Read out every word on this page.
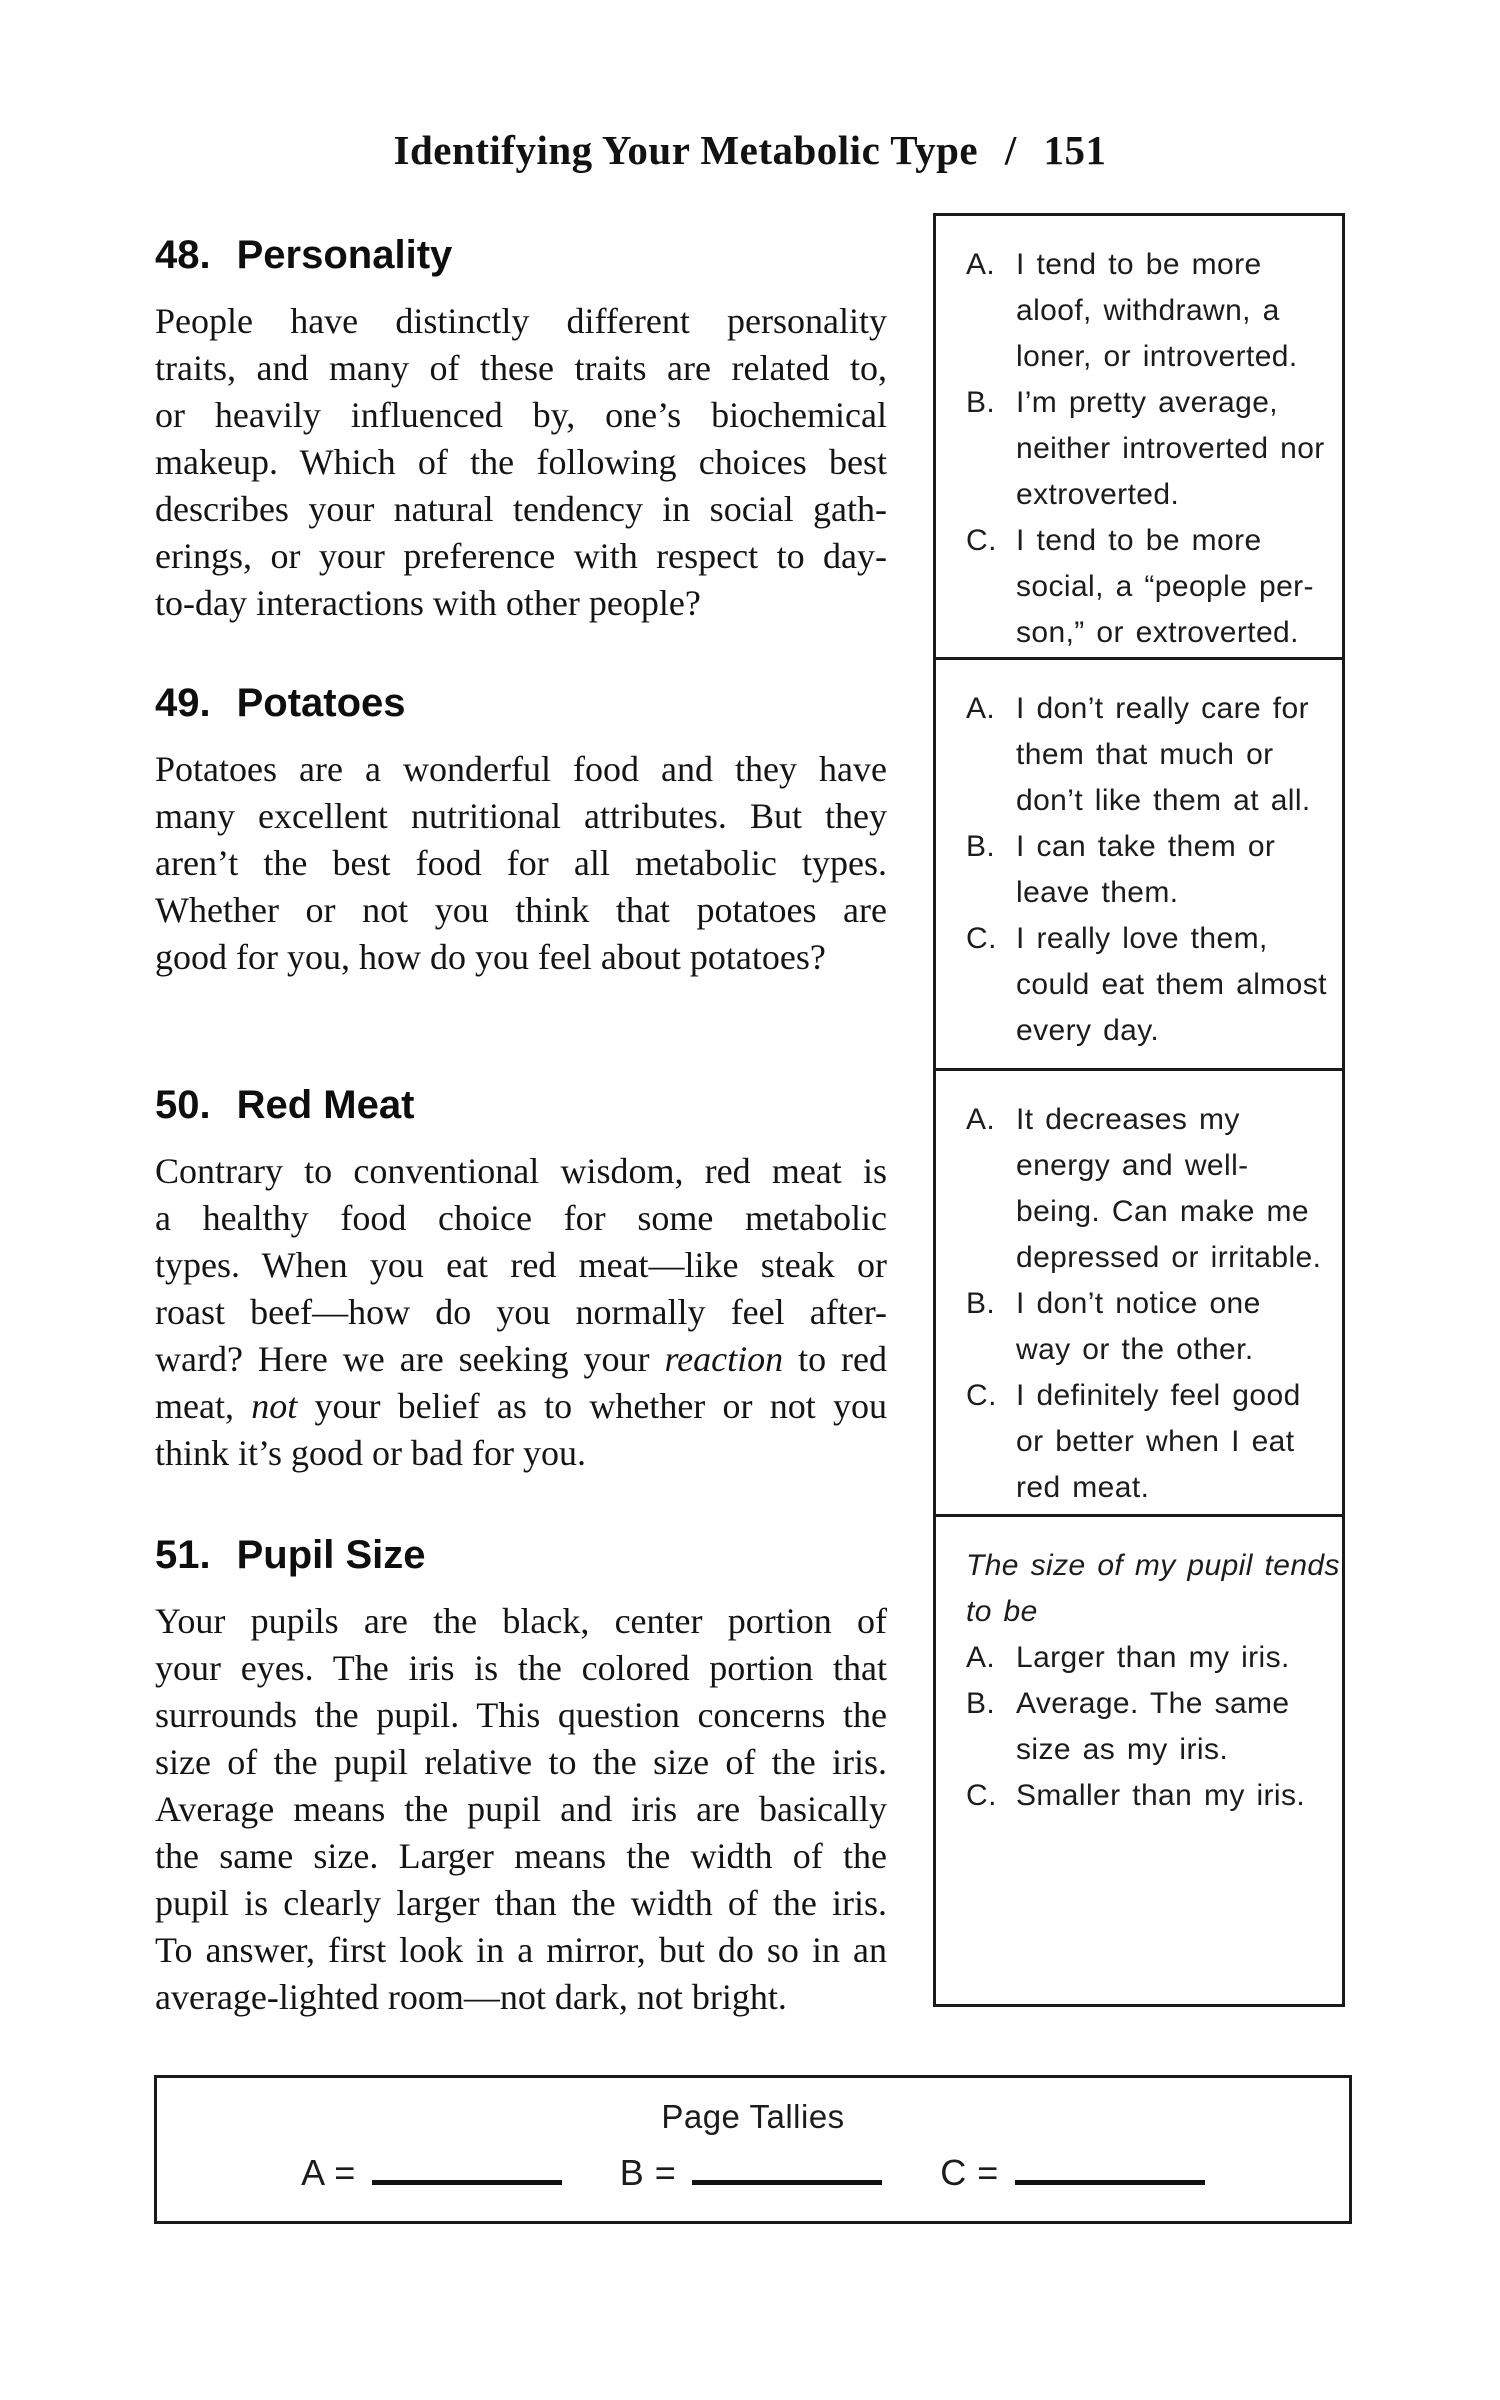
Identifying Your Metabolic Type / 151
48. Personality
People have distinctly different personality
traits, and many of these traits are related to,
or heavily influenced by, one’s biochemical
makeup. Which of the following choices best
describes your natural tendency in social gath-
erings, or your preference with respect to day-
to-day interactions with other people?
49. Potatoes
Potatoes are a wonderful food and they have
many excellent nutritional attributes. But they
aren’t the best food for all metabolic types.
Whether or not you think that potatoes are
good for you, how do you feel about potatoes?
50. Red Meat
Contrary to conventional wisdom, red meat is
a healthy food choice for some metabolic
types. When you eat red meat—like steak or
roast beef—how do you normally feel after-
ward? Here we are seeking your reaction to red
meat, not your belief as to whether or not you
think it’s good or bad for you.
51. Pupil Size
Your pupils are the black, center portion of
your eyes. The iris is the colored portion that
surrounds the pupil. This question concerns the
size of the pupil relative to the size of the iris.
Average means the pupil and iris are basically
the same size. Larger means the width of the
pupil is clearly larger than the width of the iris.
To answer, first look in a mirror, but do so in an
average-lighted room—not dark, not bright.
A. I tend to be more
aloof, withdrawn, a
loner, or introverted.
B. I’m pretty average,
neither introverted nor
extroverted.
C. I tend to be more
social, a “people per-
son,” or extroverted.
A. I don’t really care for
them that much or
don’t like them at all.
B. I can take them or
leave them.
C. I really love them,
could eat them almost
every day.
A. It decreases my
energy and well-
being. Can make me
depressed or irritable.
B. I don’t notice one
way or the other.
C. I definitely feel good
or better when I eat
red meat.
The size of my pupil tends
to be
A. Larger than my iris.
B. Average. The same
size as my iris.
C. Smaller than my iris.
Page Tallies
A =	B =	C =
